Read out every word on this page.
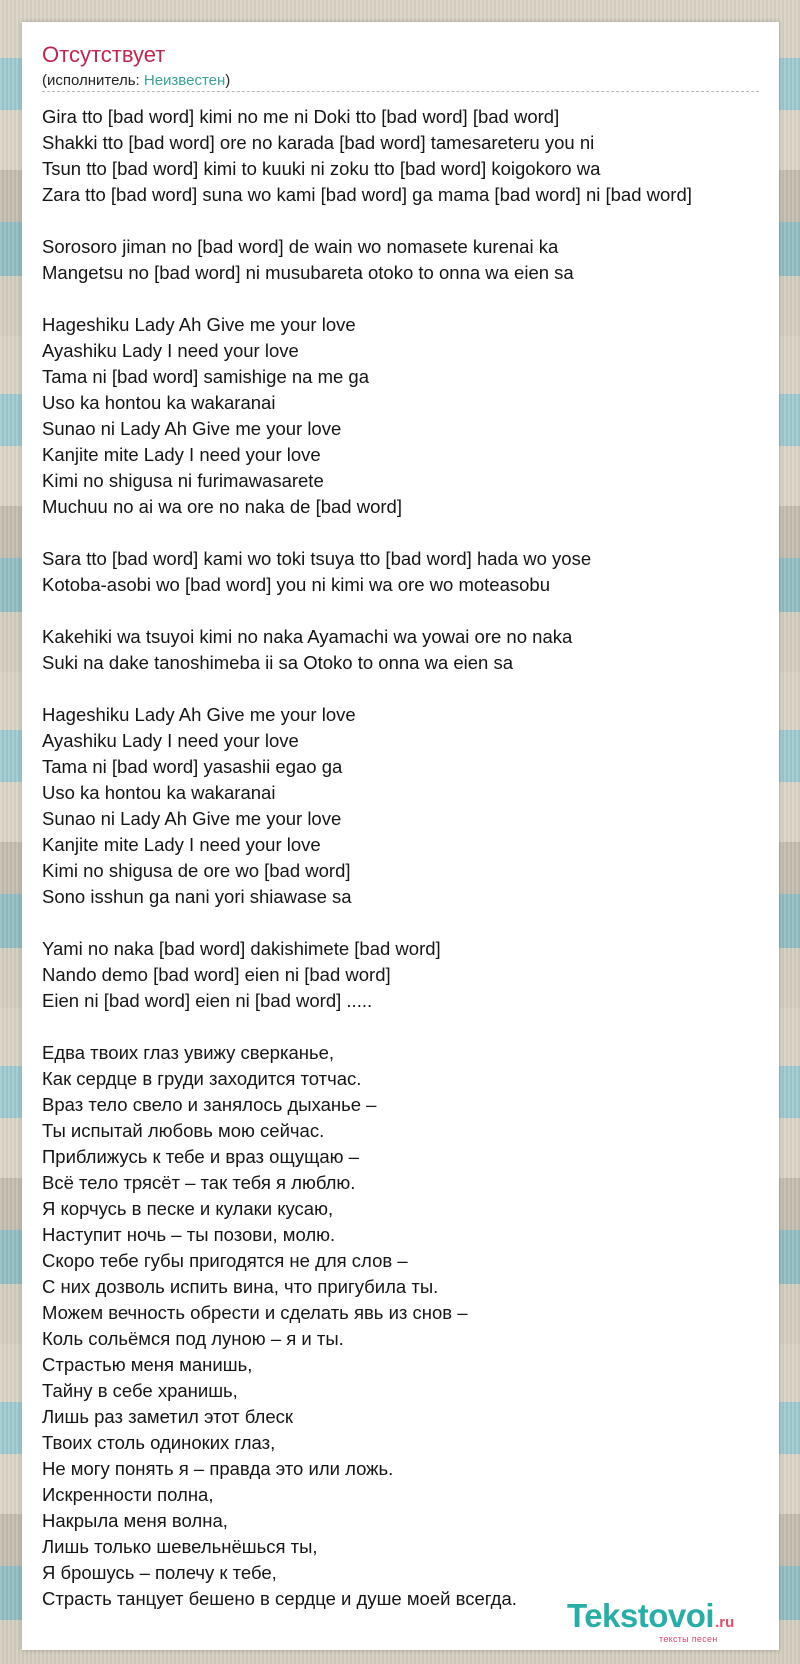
Отсутствует
(исполнитель: Неизвестен)
Gira tto [bad word] kimi no me ni Doki tto [bad word] [bad word]
Shakki tto [bad word] ore no karada [bad word] tamesareteru you ni
Tsun tto [bad word] kimi to kuuki ni zoku tto [bad word] koigokoro wa
Zara tto [bad word] suna wo kami [bad word] ga mama [bad word] ni [bad word]
Sorosoro jiman no [bad word] de wain wo nomasete kurenai ka
Mangetsu no [bad word] ni musubareta otoko to onna wa eien sa
Hageshiku Lady Ah Give me your love
Ayashiku Lady I need your love
Tama ni [bad word] samishige na me ga
Uso ka hontou ka wakaranai
Sunao ni Lady Ah Give me your love
Kanjite mite Lady I need your love
Kimi no shigusa ni furimawasarete
Muchuu no ai wa ore no naka de [bad word]
Sara tto [bad word] kami wo toki tsuya tto [bad word] hada wo yose
Kotoba-asobi wo [bad word] you ni kimi wa ore wo moteasobu
Kakehiki wa tsuyoi kimi no naka Ayamachi wa yowai ore no naka
Suki na dake tanoshimeba ii sa Otoko to onna wa eien sa
Hageshiku Lady Ah Give me your love
Ayashiku Lady I need your love
Tama ni [bad word] yasashii egao ga
Uso ka hontou ka wakaranai
Sunao ni Lady Ah Give me your love
Kanjite mite Lady I need your love
Kimi no shigusa de ore wo [bad word]
Sono isshun ga nani yori shiawase sa
Yami no naka [bad word] dakishimete [bad word]
Nando demo [bad word] eien ni [bad word]
Eien ni [bad word] eien ni [bad word] .....
Едва твоих глаз увижу сверканье,
Как сердце в груди заходится тотчас.
Враз тело свело и занялось дыханье –
Ты испытай любовь мою сейчас.
Приближусь к тебе и враз ощущаю –
Всё тело трясёт – так тебя я люблю.
Я корчусь в песке и кулаки кусаю,
Наступит ночь – ты позови, молю.
Скоро тебе губы пригодятся не для слов –
С них дозволь испить вина, что пригубила ты.
Можем вечность обрести и сделать явь из снов –
Коль сольёмся под луною – я и ты.
Страстью меня манишь,
Тайну в себе хранишь,
Лишь раз заметил этот блеск
Твоих столь одиноких глаз,
Не могу понять я – правда это или ложь.
Искренности полна,
Накрыла меня волна,
Лишь только шевельнёшься ты,
Я брошусь – полечу к тебе,
Страсть танцует бешено в сердце и душе моей всегда.	Tekstovoi.ru
тексты песен
